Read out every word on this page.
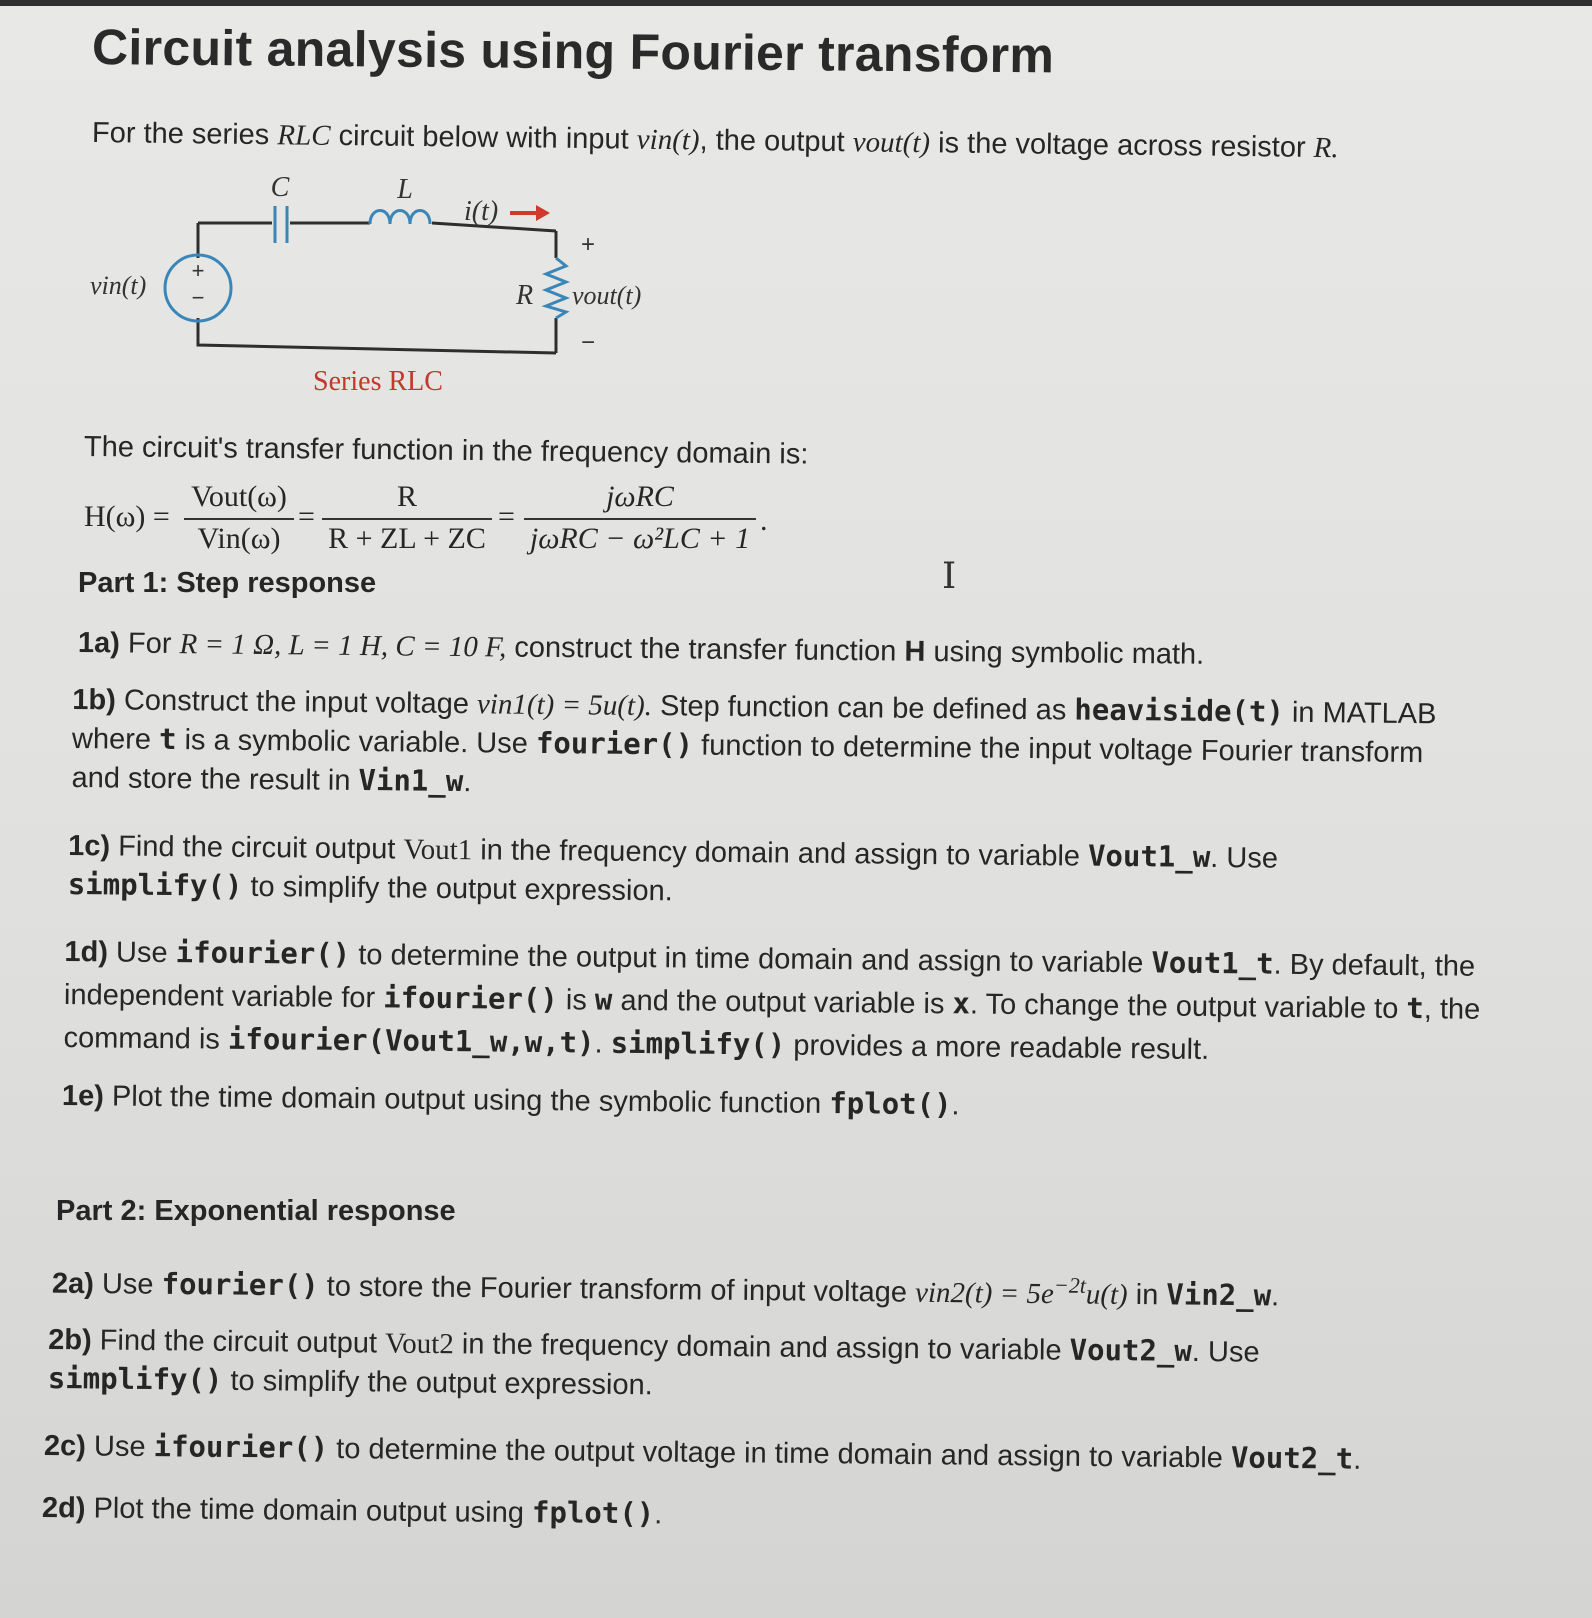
Circuit analysis using Fourier transform

For the series RLC circuit below with input vin(t), the output vout(t) is the voltage across resistor R.

+
−
C	L
i(t)
vin(t)	R vout(t)
+
−
Series RLC

The circuit's transfer function in the frequency domain is:

H(ω) =
Vout(ω)
Vin(ω)
=
R
R + ZL + ZC
=
jωRC
jωRC − ω²LC + 1
.
I

Part 1: Step response

1a) For R = 1 Ω, L = 1 H, C = 10 F, construct the transfer function H using symbolic math.

1b) Construct the input voltage vin1(t) = 5u(t). Step function can be defined as heaviside(t) in MATLAB where t is a symbolic variable. Use fourier() function to determine the input voltage Fourier transform and store the result in Vin1_w.

1c) Find the circuit output Vout1 in the frequency domain and assign to variable Vout1_w. Use simplify() to simplify the output expression.

1d) Use ifourier() to determine the output in time domain and assign to variable Vout1_t. By default, the independent variable for ifourier() is w and the output variable is x. To change the output variable to t, the command is ifourier(Vout1_w,w,t). simplify() provides a more readable result.

1e) Plot the time domain output using the symbolic function fplot().

Part 2: Exponential response

2a) Use fourier() to store the Fourier transform of input voltage $vin2(t) = 5e^{-2t}u(t)$ in Vin2_w.

2b) Find the circuit output Vout2 in the frequency domain and assign to variable Vout2_w. Use simplify() to simplify the output expression.

2c) Use ifourier() to determine the output voltage in time domain and assign to variable Vout2_t.

2d) Plot the time domain output using fplot().
